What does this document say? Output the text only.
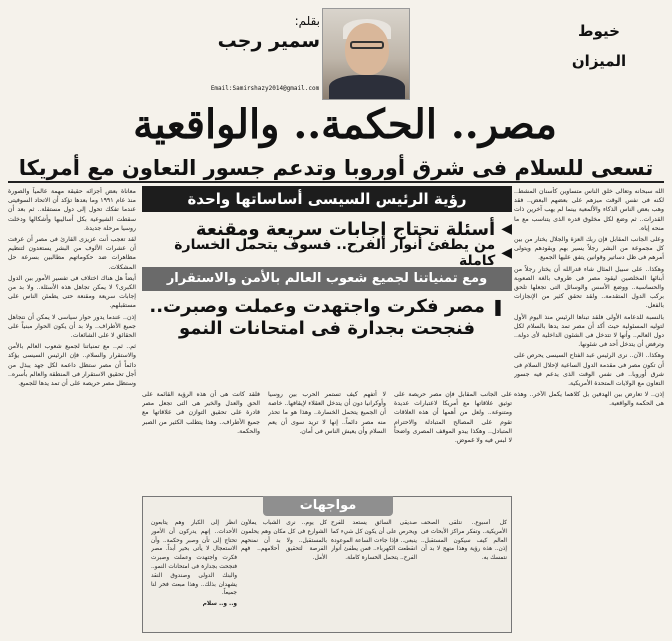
خيوط
الميزان
بقلم:
سمير رجب
Email:Samirshazy2014@gmail.com
مصر.. الحكمة.. والواقعية
تسعى للسلام فى شرق أوروبا وتدعم جسور التعاون مع أمريكا

الله سبحانه وتعالى خلق الناس متساوين كأسنان المشط.. لكنه فى نفس الوقت ميزهم على بعضهم البعض.. فقد وهب بعض الناس الذكاء والألمعية بينما لم يهب آخرين ذات القدرات.. ثم وضع لكل مخلوق قدره الذى يتناسب مع ما منحه إياه.

وعلى الجانب المقابل فإن ربك العزة والجلال يختار من بين كل مجموعة من البشر رجلاً يسير بهم ويقودهم ويتولى أمرهم فى ظل دساتير وقوانين يتفق عليها الجميع.

وهكذا.. على سبيل المثال شاء قدرالله أن يختار رجلاً من أبنائها المخلصين ليقود مصر فى ظروف بالغة الصعوبة والحساسية.. ووضع الأسس والوسائل التى تجعلها تلحق بركب الدول المتقدمة.. ولقد تحقق كثير من الإنجازات بالفعل.

بالنسبة للدعامة الأولى فلقد تبناها الرئيس منذ اليوم الأول لتوليه المسئولية حيث أكد أن مصر تمد يدها بالسلام لكل دول العالم.. وأنها لا تتدخل فى الشئون الداخلية لأى دولة.. وترفض أن يتدخل أحد فى شئونها.

وهكذا.. الآن.. نرى الرئيس عبد الفتاح السيسى يحرص على أن تكون مصر فى مقدمة الدول الساعية لإحلال السلام فى شرق أوروبا.. فى نفس الوقت الذى يدعم فيه جسور التعاون مع الولايات المتحدة الأمريكية.

إذن.. لا تعارض بين الهدفين بل كلاهما يكمل الآخر.. وهذه هى الحكمة والواقعية.

معاناة بعض أجزائه حقيقة مهمة عالمياً والصورة منذ عام ١٩٩١ وما بعدها تؤكد أن الاتحاد السوفيتى عندما تفكك تحول إلى دول مستقلة.. ثم بعد أن سقطت الشيوعية بكل أساليبها وأشكالها ودخلت روسيا مرحلة جديدة.

لقد تعجب أنت عزيزى القارئ فى مصر أن عرفت أن عشرات الألوف من البشر يستعدون لتنظيم مظاهرات ضد حكوماتهم مطالبين بسرعة حل المشكلات.

أيضاً هل هناك اختلاف فى تفسير الأمور بين الدول الكبرى؟ لا يمكن تجاهل هذه الأسئلة.. ولا بد من إجابات سريعة ومقنعة حتى يطمئن الناس على مستقبلهم.

إذن.. عندما يدور حوار سياسى لا يمكن أن نتجاهل جميع الأطراف.. ولا بد أن يكون الحوار مبنياً على الحقائق لا على الشائعات.

ثم.. ثم.. مع تمنياتنا لجميع شعوب العالم بالأمن والاستقرار والسلام.. فإن الرئيس السيسى يؤكد دائماً أن مصر ستظل داعمة لكل جهد يبذل من أجل تحقيق الاستقرار فى المنطقة والعالم بأسره.. وستظل مصر حريصة على أن تمد يدها للجميع.

رؤية الرئيس السيسى أساساتها واحدة
◀
أسئلة تحتاج إجابات سريعة ومقنعة
◀
من يطفئ أنوار الفرح.. فسوف يتحمل الخسارة كاملة
ومع تمنياتنا لجميع شعوب العالم بالأمن والاستقرار
❚ مصر فكرت واجتهدت وعملت وصبرت..
فنجحت بجدارة فى امتحانات النمو
على الجانب المقابل فإن مصر حريصة على توثيق علاقاتها مع أمريكا لاعتبارات عديدة ومتنوعة.. ولعل من أهمها أن هذه العلاقات تقوم على المصالح المتبادلة والاحترام المتبادل.. وهكذا يبدو الموقف المصرى واضحاً لا لبس فيه ولا غموض.
لا أتفهم كيف تستمر الحرب بين روسيا وأوكرانيا دون أن يتدخل العقلاء لإيقافها.. خاصة أن الجميع يتحمل الخسارة.. وهذا هو ما تحذر منه مصر دائماً.. إنها لا تريد سوى أن يعم السلام وأن يعيش الناس فى أمان.
فلقد كانت هى أن هذه الرؤية القائمة على الحق والعدل والخير هى التى تجعل مصر قادرة على تحقيق التوازن فى علاقاتها مع جميع الأطراف.. وهذا يتطلب الكثير من الصبر والحكمة.
مواجهات
كل أسبوع.. نتلقى الصحف الأمريكية.. وتفكر مراكز الأبحاث فى العالم كيف سيكون المستقبل.. إذن.. هذه رؤية وهذا منهج لا بد أن نتمسك به.
صديقى السائق يستعد للفرح ويحرص على أن يكون كل شيء كما ينبغى.. فإذا جاءت الساعة الموعودة انقطعت الكهرباء.. فمن يطفئ أنوار الفرح.. يتحمل الخسارة كاملة.
كل يوم.. نرى الشباب يملأون الشوارع فى كل مكان وهم يحلمون بالمستقبل.. ولا بد أن نمنحهم الفرصة لتحقيق أحلامهم.. فهم الأمل.
انظر إلى الكبار وهم يتابعون الأحداث.. إنهم يدركون أن الأمور تحتاج إلى تأن وصبر وحكمة.. وأن الاستعجال لا يأتى بخير أبداً. مصر فكرت واجتهدت وعملت وصبرت فنجحت بجدارة فى امتحانات النمو.. والبنك الدولى وصندوق النقد يشهدان بذلك.. وهذا مبعث فخر لنا جميعاً.
و.. و.. سلام
